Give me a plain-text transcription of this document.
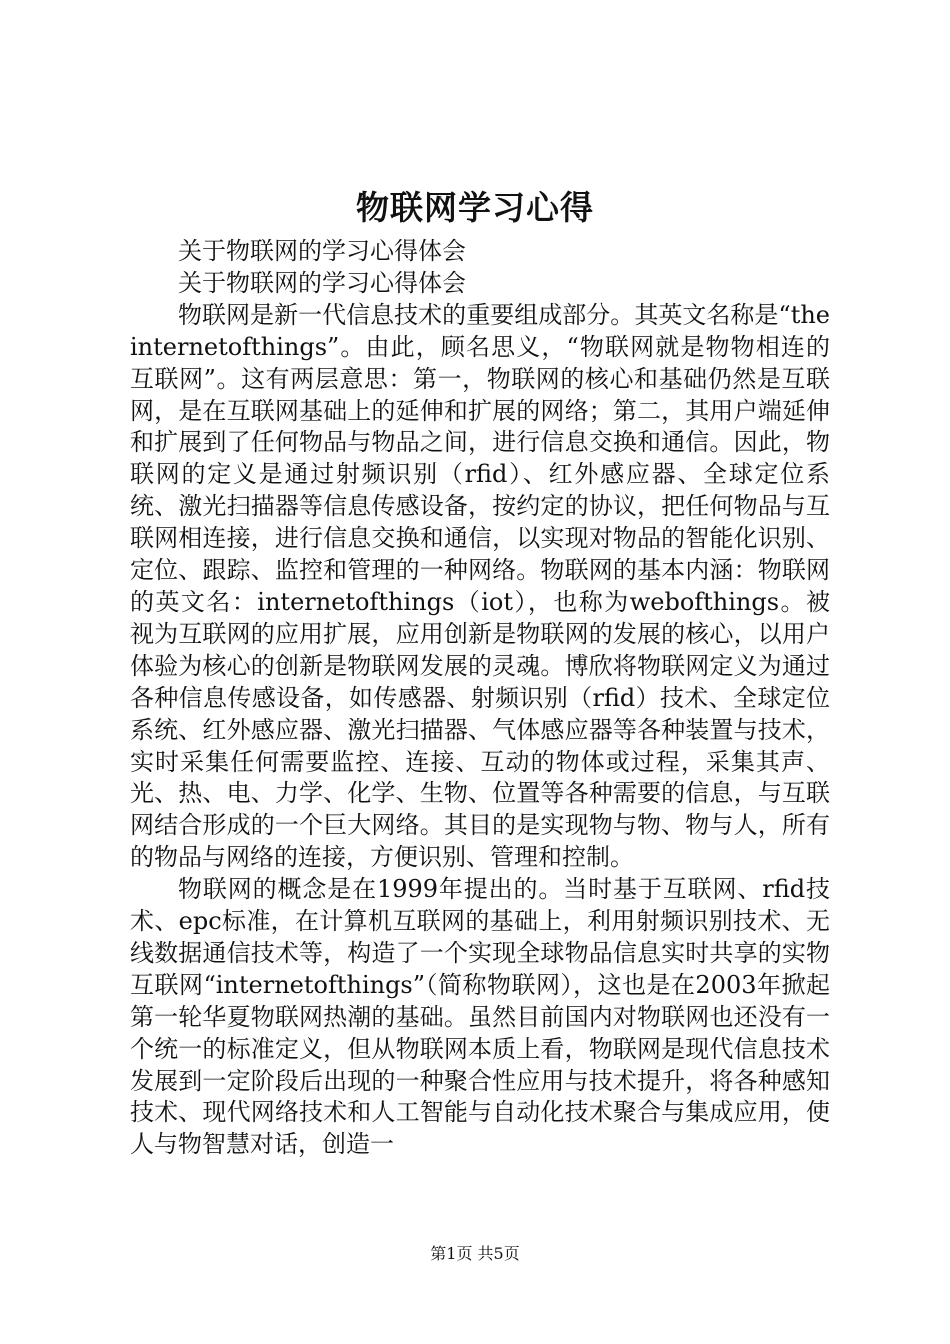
物联网学习心得

关于物联网的学习心得体会

关于物联网的学习心得体会

物联网是新一代信息技术的重要组成部分。其英文名称是“theinternetofthings”。由此，顾名思义，“物联网就是物物相连的互联网”。这有两层意思：第一，物联网的核心和基础仍然是互联网，是在互联网基础上的延伸和扩展的网络；第二，其用户端延伸和扩展到了任何物品与物品之间，进行信息交换和通信。因此，物联网的定义是通过射频识别（rfid）、红外感应器、全球定位系统、激光扫描器等信息传感设备，按约定的协议，把任何物品与互联网相连接，进行信息交换和通信，以实现对物品的智能化识别、定位、跟踪、监控和管理的一种网络。物联网的基本内涵：物联网的英文名：internetofthings（iot），也称为webofthings。被视为互联网的应用扩展，应用创新是物联网的发展的核心，以用户体验为核心的创新是物联网发展的灵魂。博欣将物联网定义为通过各种信息传感设备，如传感器、射频识别（rfid）技术、全球定位系统、红外感应器、激光扫描器、气体感应器等各种装置与技术，实时采集任何需要监控、连接、互动的物体或过程，采集其声、光、热、电、力学、化学、生物、位置等各种需要的信息，与互联网结合形成的一个巨大网络。其目的是实现物与物、物与人，所有的物品与网络的连接，方便识别、管理和控制。

物联网的概念是在1999年提出的。当时基于互联网、rfid技术、epc标准，在计算机互联网的基础上，利用射频识别技术、无线数据通信技术等，构造了一个实现全球物品信息实时共享的实物互联网“internetofthings”（简称物联网），这也是在2003年掀起第一轮华夏物联网热潮的基础。虽然目前国内对物联网也还没有一个统一的标准定义，但从物联网本质上看，物联网是现代信息技术发展到一定阶段后出现的一种聚合性应用与技术提升，将各种感知技术、现代网络技术和人工智能与自动化技术聚合与集成应用，使人与物智慧对话，创造一

第1页 共5页
